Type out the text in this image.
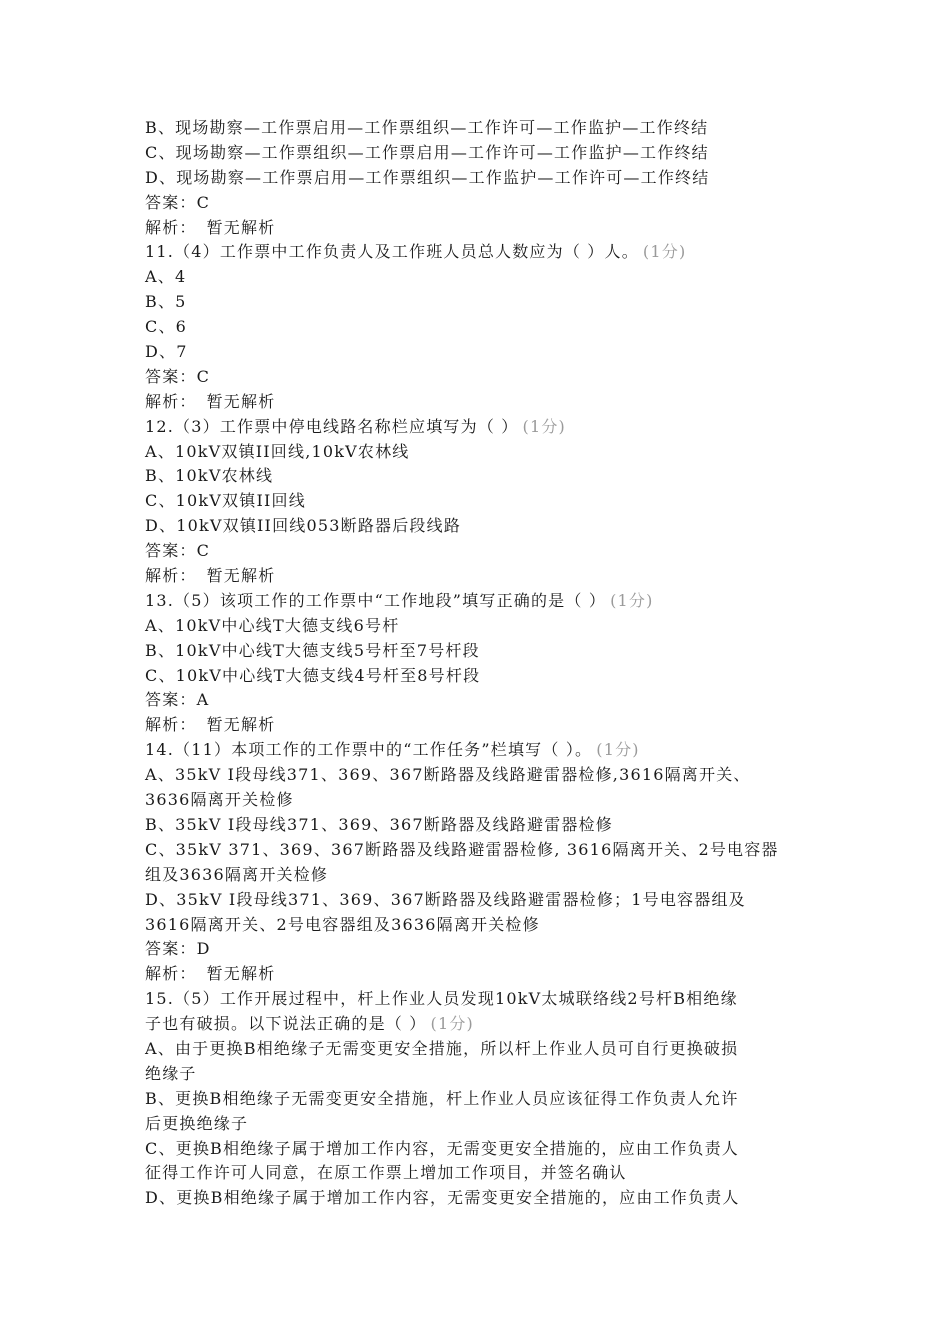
B、现场勘察—工作票启用—工作票组织—工作许可—工作监护—工作终结
C、现场勘察—工作票组织—工作票启用—工作许可—工作监护—工作终结
D、现场勘察—工作票启用—工作票组织—工作监护—工作许可—工作终结
答案：C
解析： 暂无解析
11.（4）工作票中工作负责人及工作班人员总人数应为（ ）人。 (1分)
A、4
B、5
C、6
D、7
答案：C
解析： 暂无解析
12.（3）工作票中停电线路名称栏应填写为（ ） (1分)
A、10kV双镇II回线,10kV农林线
B、10kV农林线
C、10kV双镇II回线
D、10kV双镇II回线053断路器后段线路
答案：C
解析： 暂无解析
13.（5）该项工作的工作票中“工作地段”填写正确的是（ ） (1分)
A、10kV中心线T大德支线6号杆
B、10kV中心线T大德支线5号杆至7号杆段
C、10kV中心线T大德支线4号杆至8号杆段
答案：A
解析： 暂无解析
14.（11）本项工作的工作票中的“工作任务”栏填写（ ）。 (1分)
A、35kV Ⅰ段母线371、369、367断路器及线路避雷器检修,3616隔离开关、
3636隔离开关检修
B、35kV Ⅰ段母线371、369、367断路器及线路避雷器检修
C、35kV 371、369、367断路器及线路避雷器检修, 3616隔离开关、2号电容器
组及3636隔离开关检修
D、35kV Ⅰ段母线371、369、367断路器及线路避雷器检修；1号电容器组及
3616隔离开关、2号电容器组及3636隔离开关检修
答案：D
解析： 暂无解析
15.（5）工作开展过程中，杆上作业人员发现10kV太城联络线2号杆B相绝缘
子也有破损。以下说法正确的是（ ） (1分)
A、由于更换B相绝缘子无需变更安全措施，所以杆上作业人员可自行更换破损
绝缘子
B、更换B相绝缘子无需变更安全措施，杆上作业人员应该征得工作负责人允许
后更换绝缘子
C、更换B相绝缘子属于增加工作内容，无需变更安全措施的，应由工作负责人
征得工作许可人同意，在原工作票上增加工作项目，并签名确认
D、更换B相绝缘子属于增加工作内容，无需变更安全措施的，应由工作负责人
